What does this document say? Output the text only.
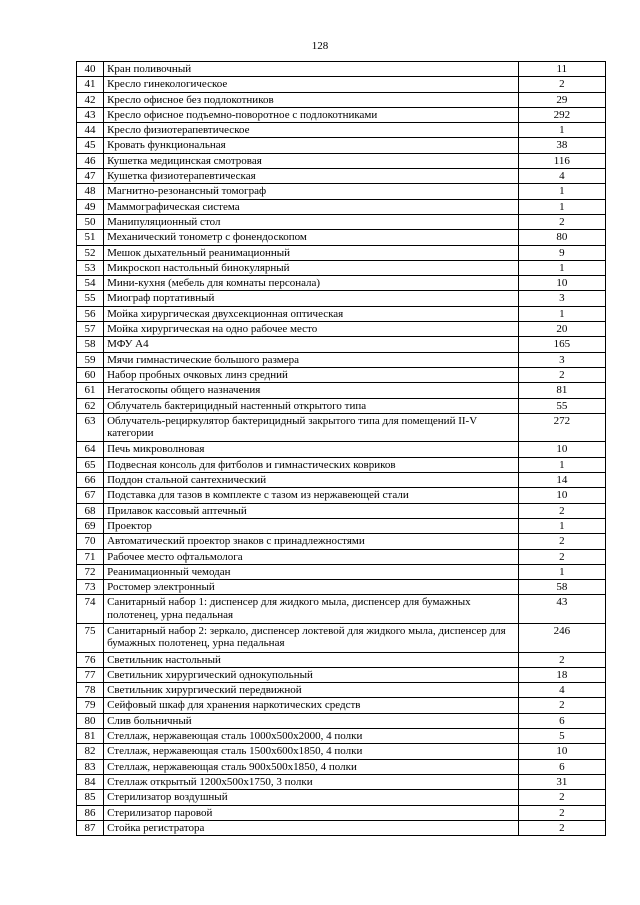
128
40	Кран поливочный	11
41	Кресло гинекологическое	2
42	Кресло офисное без подлокотников	29
43	Кресло офисное подъемно-поворотное с подлокотниками	292
44	Кресло физиотерапевтическое	1
45	Кровать функциональная	38
46	Кушетка медицинская смотровая	116
47	Кушетка физиотерапевтическая	4
48	Магнитно-резонансный томограф	1
49	Маммографическая система	1
50	Манипуляционный стол	2
51	Механический тонометр с фонендоскопом	80
52	Мешок дыхательный реанимационный	9
53	Микроскоп настольный бинокулярный	1
54	Мини-кухня (мебель для комнаты персонала)	10
55	Миограф портативный	3
56	Мойка хирургическая двухсекционная оптическая	1
57	Мойка хирургическая на одно рабочее место	20
58	МФУ А4	165
59	Мячи гимнастические большого размера	3
60	Набор пробных очковых линз средний	2
61	Негатоскопы общего назначения	81
62	Облучатель бактерицидный настенный открытого типа	55
63	Облучатель-рециркулятор бактерицидный закрытого типа для помещений II-V категории	272
64	Печь микроволновая	10
65	Подвесная консоль для фитболов и гимнастических ковриков	1
66	Поддон стальной сантехнический	14
67	Подставка для тазов в комплекте с тазом из нержавеющей стали	10
68	Прилавок кассовый аптечный	2
69	Проектор	1
70	Автоматический проектор знаков с принадлежностями	2
71	Рабочее место офтальмолога	2
72	Реанимационный чемодан	1
73	Ростомер электронный	58
74	Санитарный набор 1: диспенсер для жидкого мыла, диспенсер для бумажных полотенец, урна педальная	43
75	Санитарный набор 2: зеркало, диспенсер локтевой для жидкого мыла, диспенсер для бумажных полотенец, урна педальная	246
76	Светильник настольный	2
77	Светильник хирургический однокупольный	18
78	Светильник хирургический передвижной	4
79	Сейфовый шкаф для хранения наркотических средств	2
80	Слив больничный	6
81	Стеллаж, нержавеющая сталь 1000х500х2000, 4 полки	5
82	Стеллаж, нержавеющая сталь 1500х600х1850, 4 полки	10
83	Стеллаж, нержавеющая сталь 900х500х1850, 4 полки	6
84	Стеллаж открытый 1200х500х1750, 3 полки	31
85	Стерилизатор воздушный	2
86	Стерилизатор паровой	2
87	Стойка регистратора	2
